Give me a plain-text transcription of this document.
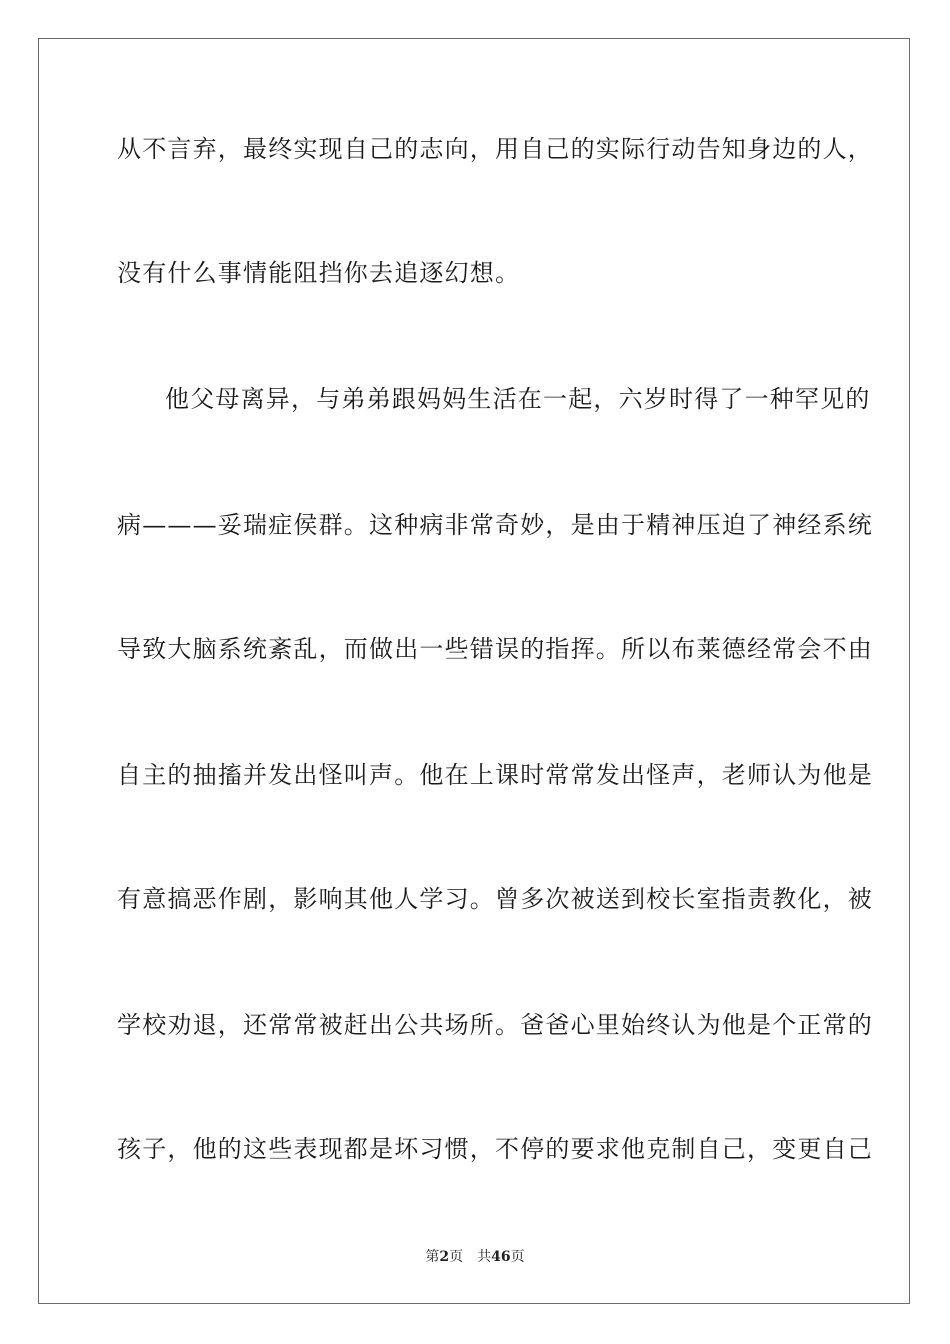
从不言弃，最终实现自己的志向，用自己的实际行动告知身边的人，
没有什么事情能阻挡你去追逐幻想。
他父母离异，与弟弟跟妈妈生活在一起，六岁时得了一种罕见的
病———妥瑞症侯群。这种病非常奇妙，是由于精神压迫了神经系统
导致大脑系统紊乱，而做出一些错误的指挥。所以布莱德经常会不由
自主的抽搐并发出怪叫声。他在上课时常常发出怪声，老师认为他是
有意搞恶作剧，影响其他人学习。曾多次被送到校长室指责教化，被
学校劝退，还常常被赶出公共场所。爸爸心里始终认为他是个正常的
孩子，他的这些表现都是坏习惯，不停的要求他克制自己，变更自己
第2页 共46页
